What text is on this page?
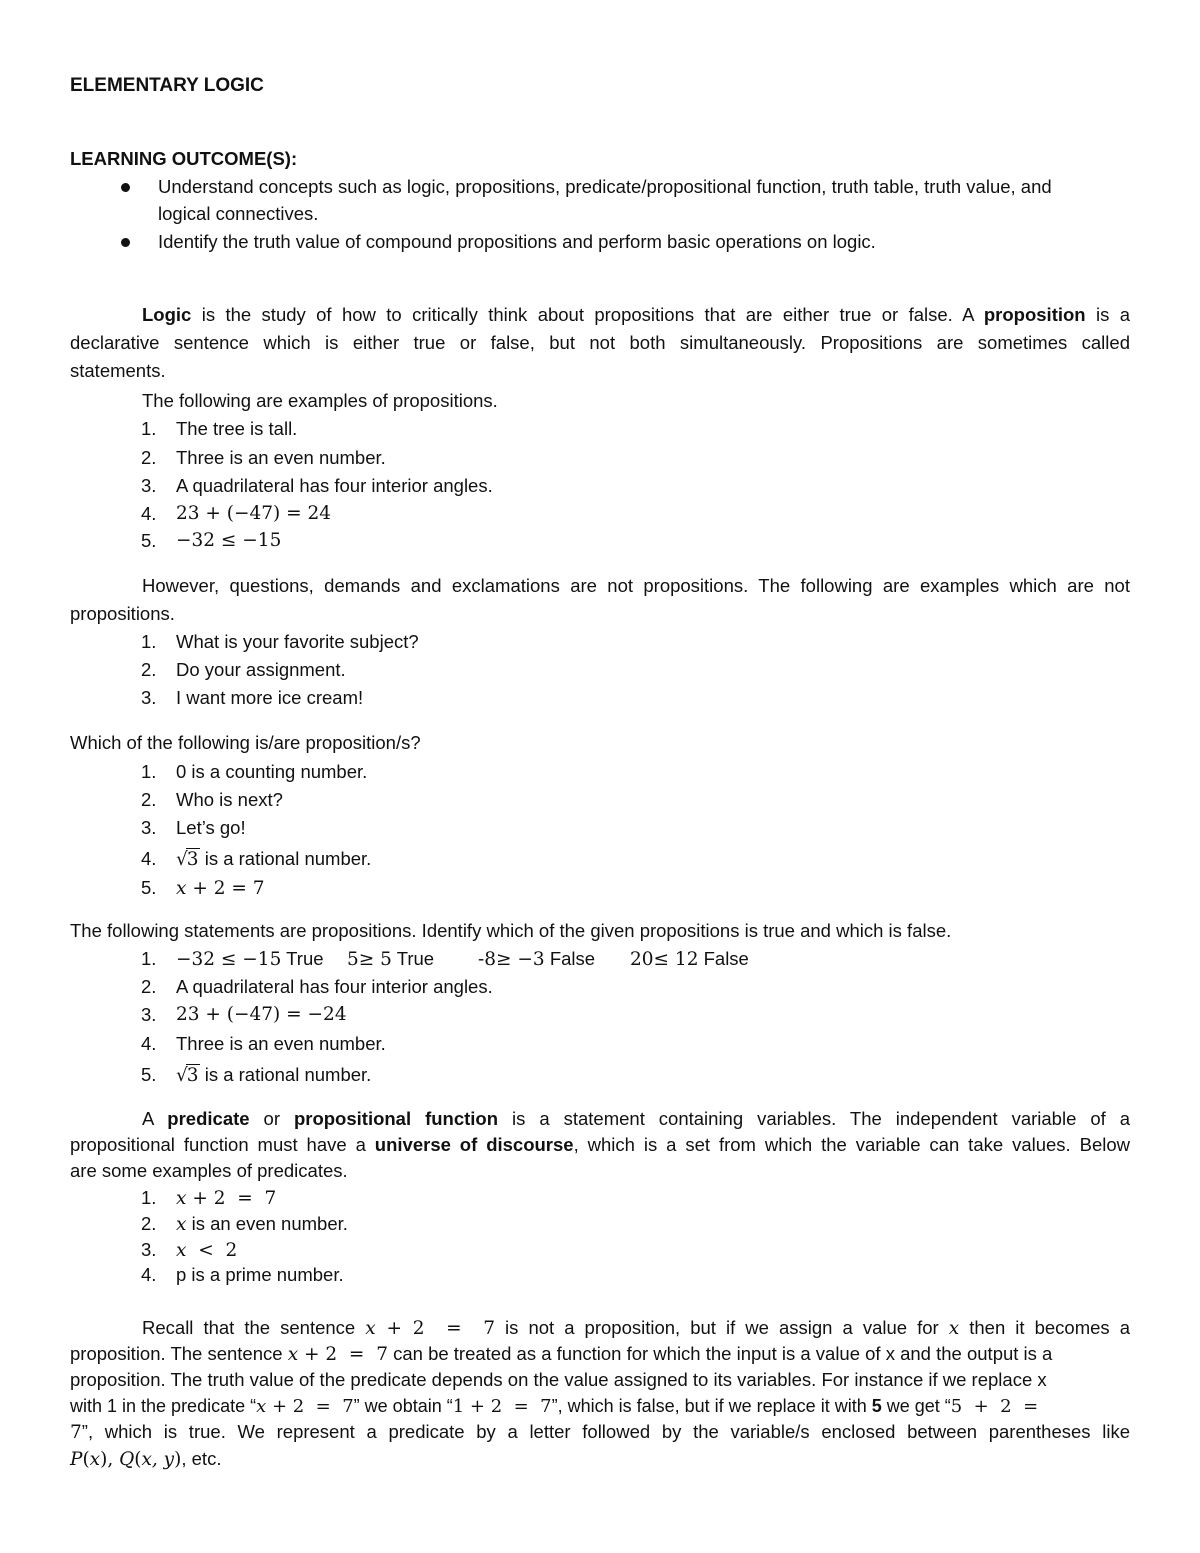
ELEMENTARY LOGIC
LEARNING OUTCOME(S):
Understand concepts such as logic, propositions, predicate/propositional function, truth table, truth value, and
logical connectives.
Identify the truth value of compound propositions and perform basic operations on logic.
Logic is the study of how to critically think about propositions that are either true or false. A proposition is a
declarative sentence which is either true or false, but not both simultaneously. Propositions are sometimes called
statements.
The following are examples of propositions.
1.	The tree is tall.
2.	Three is an even number.
3.	A quadrilateral has four interior angles.
4.	23 + (−47) = 24
5.	−32 ≤ −15
However, questions, demands and exclamations are not propositions. The following are examples which are not
propositions.
1.	What is your favorite subject?
2.	Do your assignment.
3.	I want more ice cream!
Which of the following is/are proposition/s?
1.	0 is a counting number.
2.	Who is next?
3.	Let’s go!
4.	√3 is a rational number.
5.	x + 2 = 7
The following statements are propositions. Identify which of the given propositions is true and which is false.
1.	−32 ≤ −15 True 5≥ 5 True -8≥ −3 False 20≤ 12 False
2.	A quadrilateral has four interior angles.
3.	23 + (−47) = −24
4.	Three is an even number.
5.	√3 is a rational number.
A predicate or propositional function is a statement containing variables. The independent variable of a
propositional function must have a universe of discourse, which is a set from which the variable can take values. Below
are some examples of predicates.
1.	x + 2  =  7
2.	x is an even number.
3.	x  <  2
4.	p is a prime number.
Recall that the sentence x + 2  =  7 is not a proposition, but if we assign a value for x then it becomes a
proposition. The sentence x + 2  =  7 can be treated as a function for which the input is a value of x and the output is a
proposition. The truth value of the predicate depends on the value assigned to its variables. For instance if we replace x
with 1 in the predicate “x + 2  =  7” we obtain “1 + 2  =  7”, which is false, but if we replace it with 5 we get “5  +  2  =
7”, which is true. We represent a predicate by a letter followed by the variable/s enclosed between parentheses like
P(x), Q(x, y), etc.
